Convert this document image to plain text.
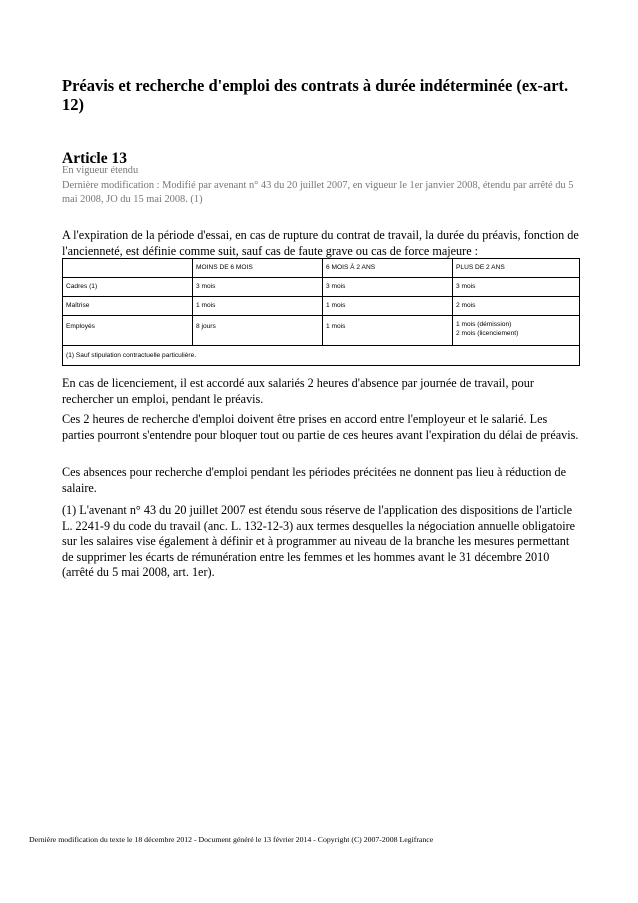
Préavis et recherche d'emploi des contrats à durée indéterminée (ex-art. 12)
Article 13
En vigueur étendu
Dernière modification : Modifié par avenant n° 43 du 20 juillet 2007, en vigueur le 1er janvier 2008, étendu par arrêté du 5 mai 2008, JO du 15 mai 2008. (1)
A l'expiration de la période d'essai, en cas de rupture du contrat de travail, la durée du préavis, fonction de l'ancienneté, est définie comme suit, sauf cas de faute grave ou cas de force majeure :
	MOINS DE 6 MOIS	6 MOIS À 2 ANS	PLUS DE 2 ANS
Cadres (1)	3 mois	3 mois	3 mois
Maîtrise	1 mois	1 mois	2 mois
Employés	8 jours	1 mois	1 mois (démission)
2 mois (licenciement)

(1) Sauf stipulation contractuelle particulière.			
En cas de licenciement, il est accordé aux salariés 2 heures d'absence par journée de travail, pour rechercher un emploi, pendant le préavis.
Ces 2 heures de recherche d'emploi doivent être prises en accord entre l'employeur et le salarié. Les parties pourront s'entendre pour bloquer tout ou partie de ces heures avant l'expiration du délai de préavis.
Ces absences pour recherche d'emploi pendant les périodes précitées ne donnent pas lieu à réduction de salaire.
(1) L'avenant n° 43 du 20 juillet 2007 est étendu sous réserve de l'application des dispositions de l'article L. 2241-9 du code du travail (anc. L. 132-12-3) aux termes desquelles la négociation annuelle obligatoire sur les salaires vise également à définir et à programmer au niveau de la branche les mesures permettant de supprimer les écarts de rémunération entre les femmes et les hommes avant le 31 décembre 2010 (arrêté du 5 mai 2008, art. 1er).
Dernière modification du texte le 18 décembre 2012 - Document généré le 13 février 2014 - Copyright (C) 2007-2008 Legifrance
